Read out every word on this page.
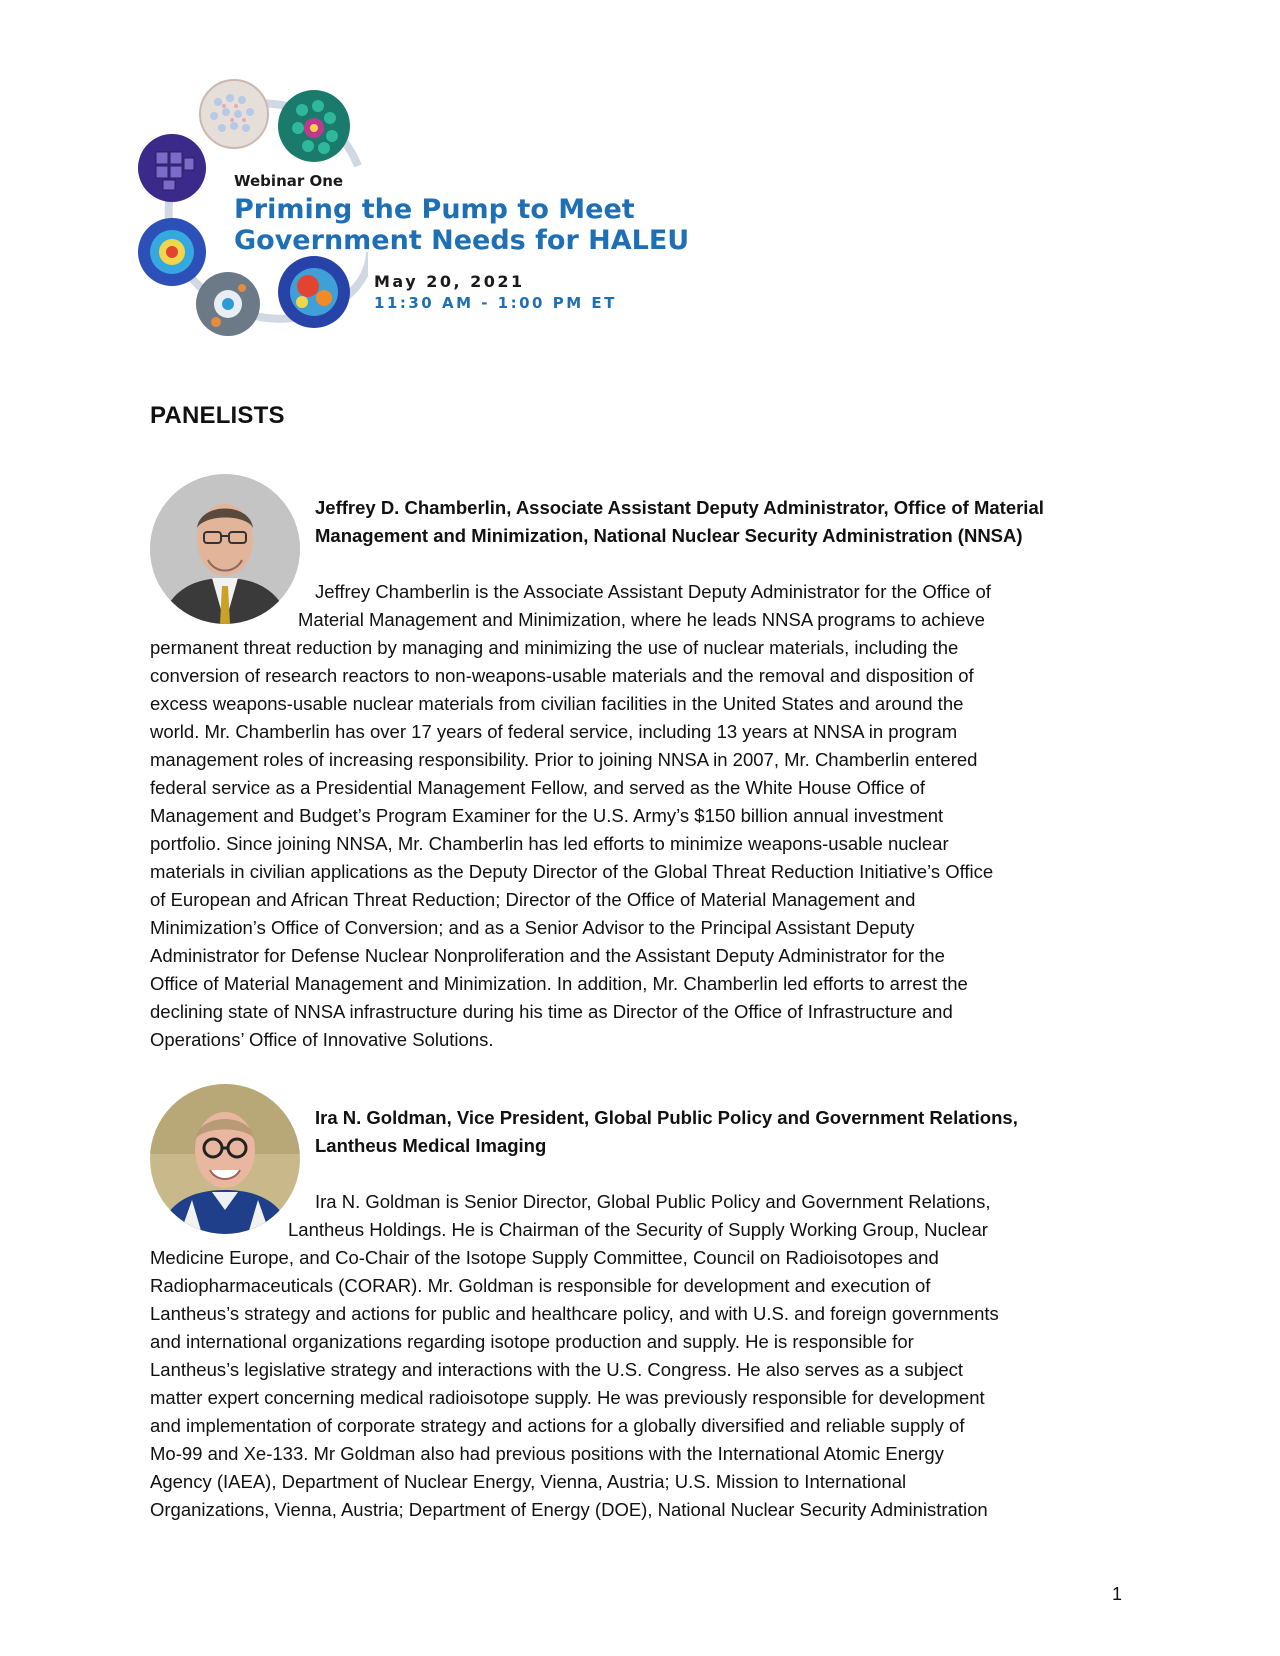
Webinar One
Priming the Pump to Meet
Government Needs for HALEU
May 20, 2021
11:30 AM - 1:00 PM ET
PANELISTS
Jeffrey D. Chamberlin, Associate Assistant Deputy Administrator, Office of Material
Management and Minimization, National Nuclear Security Administration (NNSA)
Jeffrey Chamberlin is the Associate Assistant Deputy Administrator for the Office of
Material Management and Minimization, where he leads NNSA programs to achieve
permanent threat reduction by managing and minimizing the use of nuclear materials, including the
conversion of research reactors to non-weapons-usable materials and the removal and disposition of
excess weapons-usable nuclear materials from civilian facilities in the United States and around the
world. Mr. Chamberlin has over 17 years of federal service, including 13 years at NNSA in program
management roles of increasing responsibility. Prior to joining NNSA in 2007, Mr. Chamberlin entered
federal service as a Presidential Management Fellow, and served as the White House Office of
Management and Budget’s Program Examiner for the U.S. Army’s $150 billion annual investment
portfolio. Since joining NNSA, Mr. Chamberlin has led efforts to minimize weapons-usable nuclear
materials in civilian applications as the Deputy Director of the Global Threat Reduction Initiative’s Office
of European and African Threat Reduction; Director of the Office of Material Management and
Minimization’s Office of Conversion; and as a Senior Advisor to the Principal Assistant Deputy
Administrator for Defense Nuclear Nonproliferation and the Assistant Deputy Administrator for the
Office of Material Management and Minimization. In addition, Mr. Chamberlin led efforts to arrest the
declining state of NNSA infrastructure during his time as Director of the Office of Infrastructure and
Operations’ Office of Innovative Solutions.
Ira N. Goldman, Vice President, Global Public Policy and Government Relations,
Lantheus Medical Imaging
Ira N. Goldman is Senior Director, Global Public Policy and Government Relations,
Lantheus Holdings. He is Chairman of the Security of Supply Working Group, Nuclear
Medicine Europe, and Co-Chair of the Isotope Supply Committee, Council on Radioisotopes and
Radiopharmaceuticals (CORAR). Mr. Goldman is responsible for development and execution of
Lantheus’s strategy and actions for public and healthcare policy, and with U.S. and foreign governments
and international organizations regarding isotope production and supply. He is responsible for
Lantheus’s legislative strategy and interactions with the U.S. Congress. He also serves as a subject
matter expert concerning medical radioisotope supply. He was previously responsible for development
and implementation of corporate strategy and actions for a globally diversified and reliable supply of
Mo-99 and Xe-133. Mr Goldman also had previous positions with the International Atomic Energy
Agency (IAEA), Department of Nuclear Energy, Vienna, Austria; U.S. Mission to International
Organizations, Vienna, Austria; Department of Energy (DOE), National Nuclear Security Administration
1
